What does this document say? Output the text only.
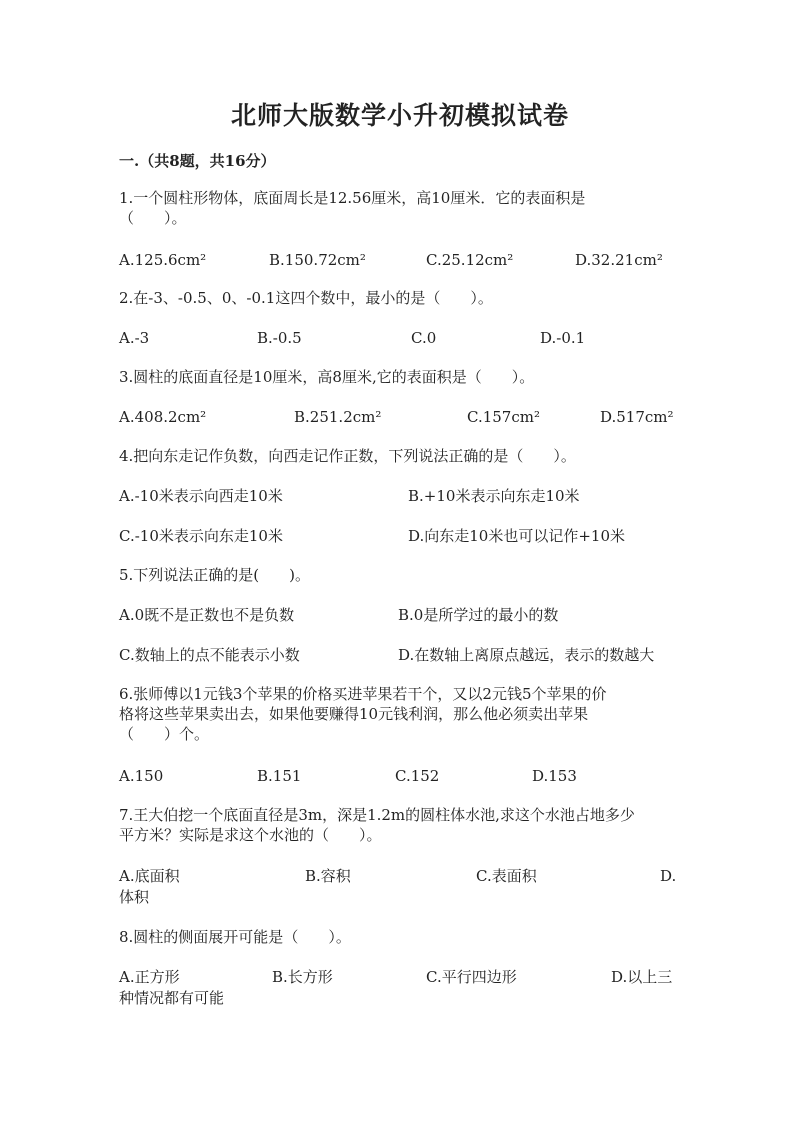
北师大版数学小升初模拟试卷
一.（共8题，共16分）
1.一个圆柱形物体，底面周长是12.56厘米，高10厘米．它的表面积是
（　　）。
A.125.6cm²	B.150.72cm²	C.25.12cm²	D.32.21cm²
2.在-3、-0.5、0、-0.1这四个数中，最小的是（　　）。
A.-3	B.-0.5	C.0	D.-0.1
3.圆柱的底面直径是10厘米，高8厘米,它的表面积是（　　）。
A.408.2cm²	B.251.2cm²	C.157cm²	D.517cm²
4.把向东走记作负数，向西走记作正数，下列说法正确的是（　　）。
A.-10米表示向西走10米	B.+10米表示向东走10米
C.-10米表示向东走10米	D.向东走10米也可以记作+10米
5.下列说法正确的是(　　)。
A.0既不是正数也不是负数	B.0是所学过的最小的数
C.数轴上的点不能表示小数	D.在数轴上离原点越远，表示的数越大
6.张师傅以1元钱3个苹果的价格买进苹果若干个，又以2元钱5个苹果的价
格将这些苹果卖出去，如果他要赚得10元钱利润，那么他必须卖出苹果
（　　）个。
A.150	B.151	C.152	D.153
7.王大伯挖一个底面直径是3m，深是1.2m的圆柱体水池,求这个水池占地多少
平方米？实际是求这个水池的（　　）。
A.底面积	B.容积	C.表面积	D.
体积
8.圆柱的侧面展开可能是（　　）。
A.正方形	B.长方形	C.平行四边形	D.以上三
种情况都有可能
